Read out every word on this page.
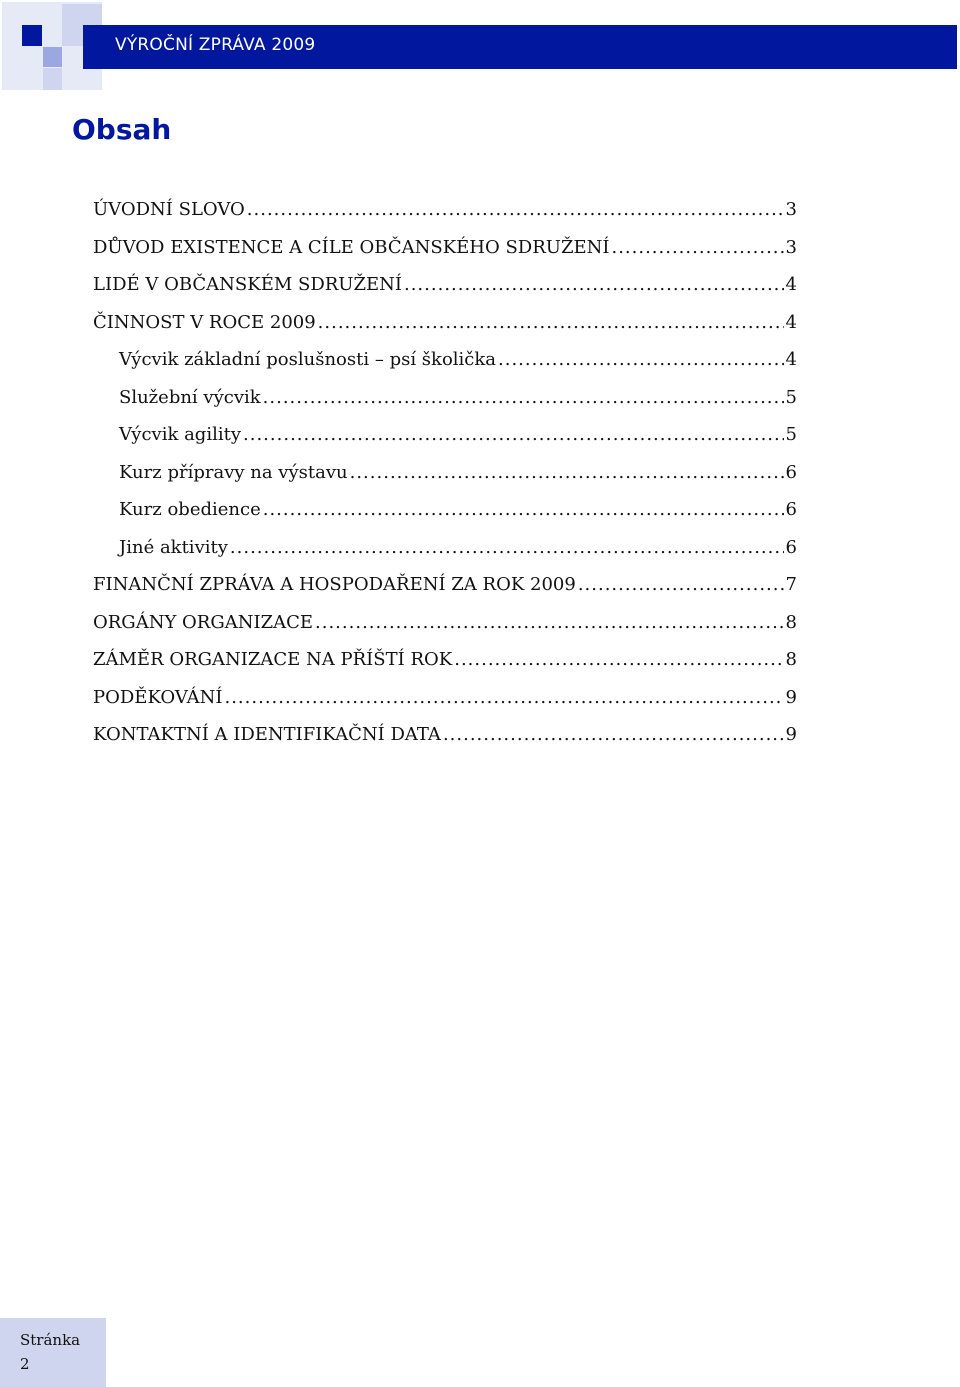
VÝROČNÍ ZPRÁVA 2009
Obsah
ÚVODNÍ SLOVO .....	3
DŮVOD EXISTENCE A CÍLE OBČANSKÉHO SDRUŽENÍ .....	3
LIDÉ V OBČANSKÉM SDRUŽENÍ .....	4
ČINNOST V ROCE 2009 .....	4
Výcvik základní poslušnosti – psí školička .....	4
Služební výcvik .....	5
Výcvik agility .....	5
Kurz přípravy na výstavu .....	6
Kurz obedience .....	6
Jiné aktivity .....	6
FINANČNÍ ZPRÁVA A HOSPODAŘENÍ ZA ROK 2009 .....	7
ORGÁNY ORGANIZACE .....	8
ZÁMĚR ORGANIZACE NA PŘÍŠTÍ ROK .....	8
PODĚKOVÁNÍ .....	9
KONTAKTNÍ A IDENTIFIKAČNÍ DATA .....	9
Stránka
2
